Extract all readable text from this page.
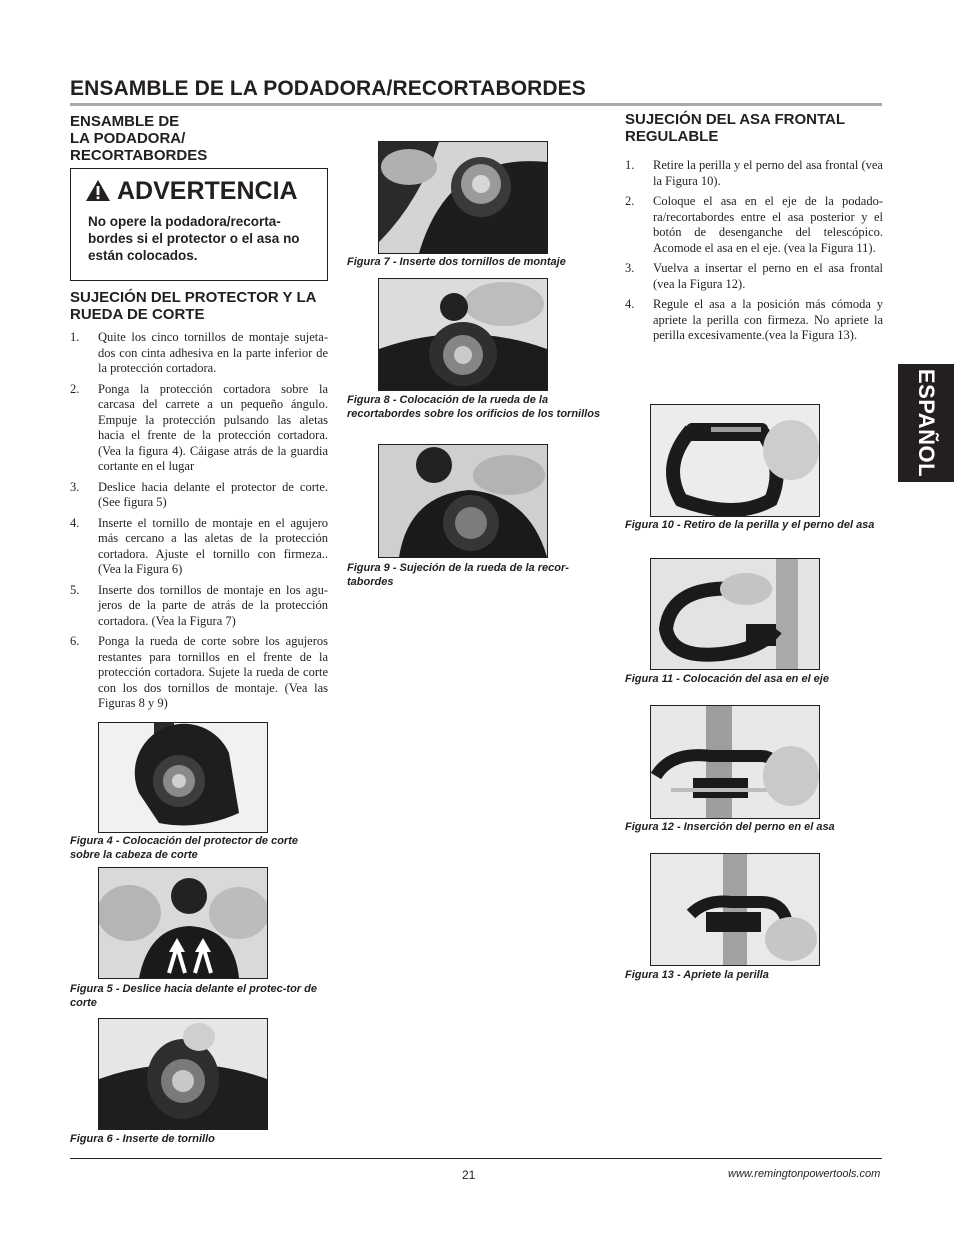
ENSAMBLE DE LA PODADORA/RECORTABORDES
ENSAMBLE DE
LA PODADORA/
RECORTABORDES
ADVERTENCIA
No opere la podadora/recorta-bordes si el protector o el asa no están colocados.
SUJECIÓN DEL PROTECTOR Y LA RUEDA DE CORTE
1. Quite los cinco tornillos de montaje sujeta-dos con cinta adhesiva en la parte inferior de la protección cortadora.
2. Ponga la protección cortadora sobre la carcasa del carrete a un pequeño ángulo. Empuje la protección pulsando las aletas hacia el frente de la protección cortadora. (Vea la figura 4). Cáigase atrás de la guardia cortante en el lugar
3. Deslice hacia delante el protector de corte. (See figura 5)
4. Inserte el tornillo de montaje en el agujero más cercano a las aletas de la protección cortadora. Ajuste el tornillo con firmeza.. (Vea la Figura 6)
5. Inserte dos tornillos de montaje en los agu-jeros de la parte de atrás de la protección cortadora. (Vea la Figura 7)
6. Ponga la rueda de corte sobre los agujeros restantes para tornillos en el frente de la protección cortadora. Sujete la rueda de corte con los dos tornillos de montaje. (Vea las Figuras 8 y 9)
Figura 4 - Colocación del protector de corte sobre la cabeza de corte
Figura 5 - Deslice hacia delante el protec-tor de corte
Figura 6 - Inserte de tornillo
Figura 7 - Inserte dos tornillos de montaje
Figura 8 - Colocación de la rueda de la recortabordes sobre los orificios de los tornillos
Figura 9 - Sujeción de la rueda de la recor-tabordes
SUJECIÓN DEL ASA FRONTAL REGULABLE
1. Retire la perilla y el perno del asa frontal (vea la Figura 10).
2. Coloque el asa en el eje de la podado-ra/recortabordes entre el asa posterior y el botón de desenganche del telescópico. Acomode el asa en el eje. (vea la Figura 11).
3. Vuelva a insertar el perno en el asa frontal (vea la Figura 12).
4. Regule el asa a la posición más cómoda y apriete la perilla con firmeza. No apriete la perilla excesivamente.(vea la Figura 13).
Figura 10 - Retiro de la perilla y el perno del asa
Figura 11 - Colocación del asa en el eje
Figura 12 - Inserción del perno en el asa
Figura 13 - Apriete la perilla
ESPAÑOL
21	www.remingtonpowertools.com
